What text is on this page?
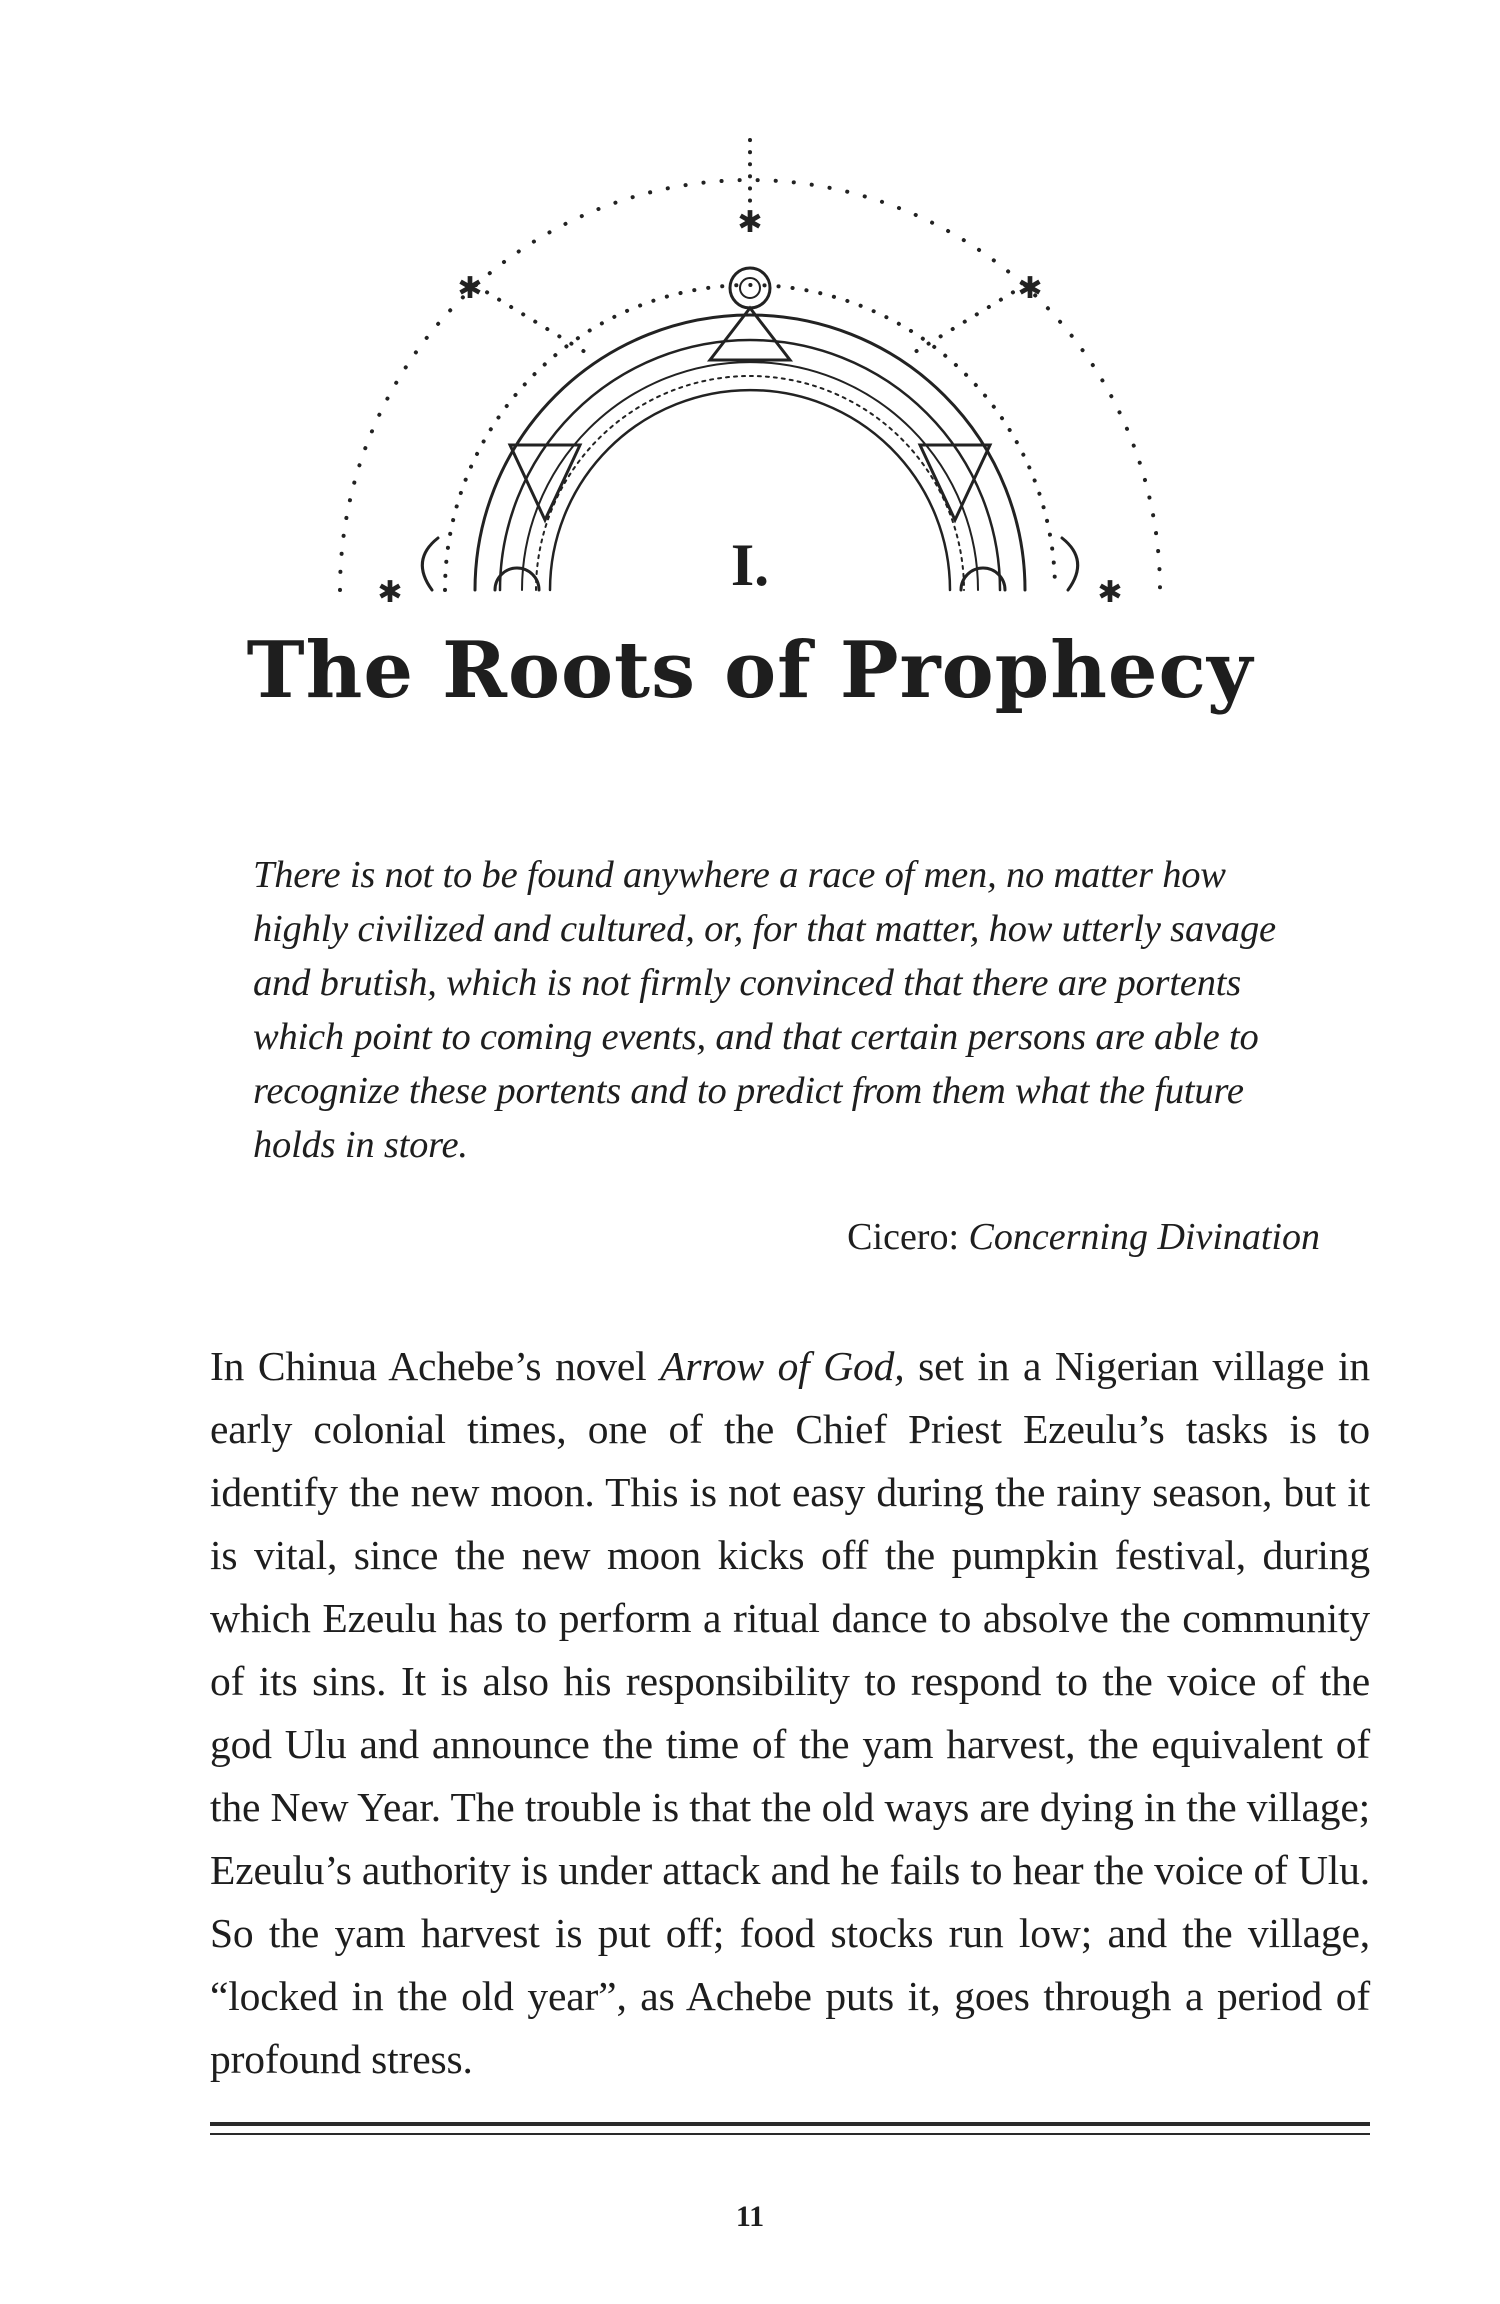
✱
✱	✱
✱	✱
I.
The Roots of Prophecy

There is not to be found anywhere a race of men, no matter how highly civilized and cultured, or, for that matter, how utterly savage and brutish, which is not firmly convinced that there are portents which point to coming events, and that certain persons are able to recognize these portents and to predict from them what the future holds in store.

Cicero: Concerning Divination

In Chinua Achebe’s novel Arrow of God, set in a Nigerian village in early colonial times, one of the Chief Priest Ezeulu’s tasks is to identify the new moon. This is not easy during the rainy season, but it is vital, since the new moon kicks off the pumpkin festival, during which Ezeulu has to perform a ritual dance to absolve the community of its sins. It is also his responsibility to respond to the voice of the god Ulu and announce the time of the yam harvest, the equivalent of the New Year. The trouble is that the old ways are dying in the village; Ezeulu’s authority is under attack and he fails to hear the voice of Ulu. So the yam harvest is put off; food stocks run low; and the village, “locked in the old year”, as Achebe puts it, goes through a period of profound stress.

11
